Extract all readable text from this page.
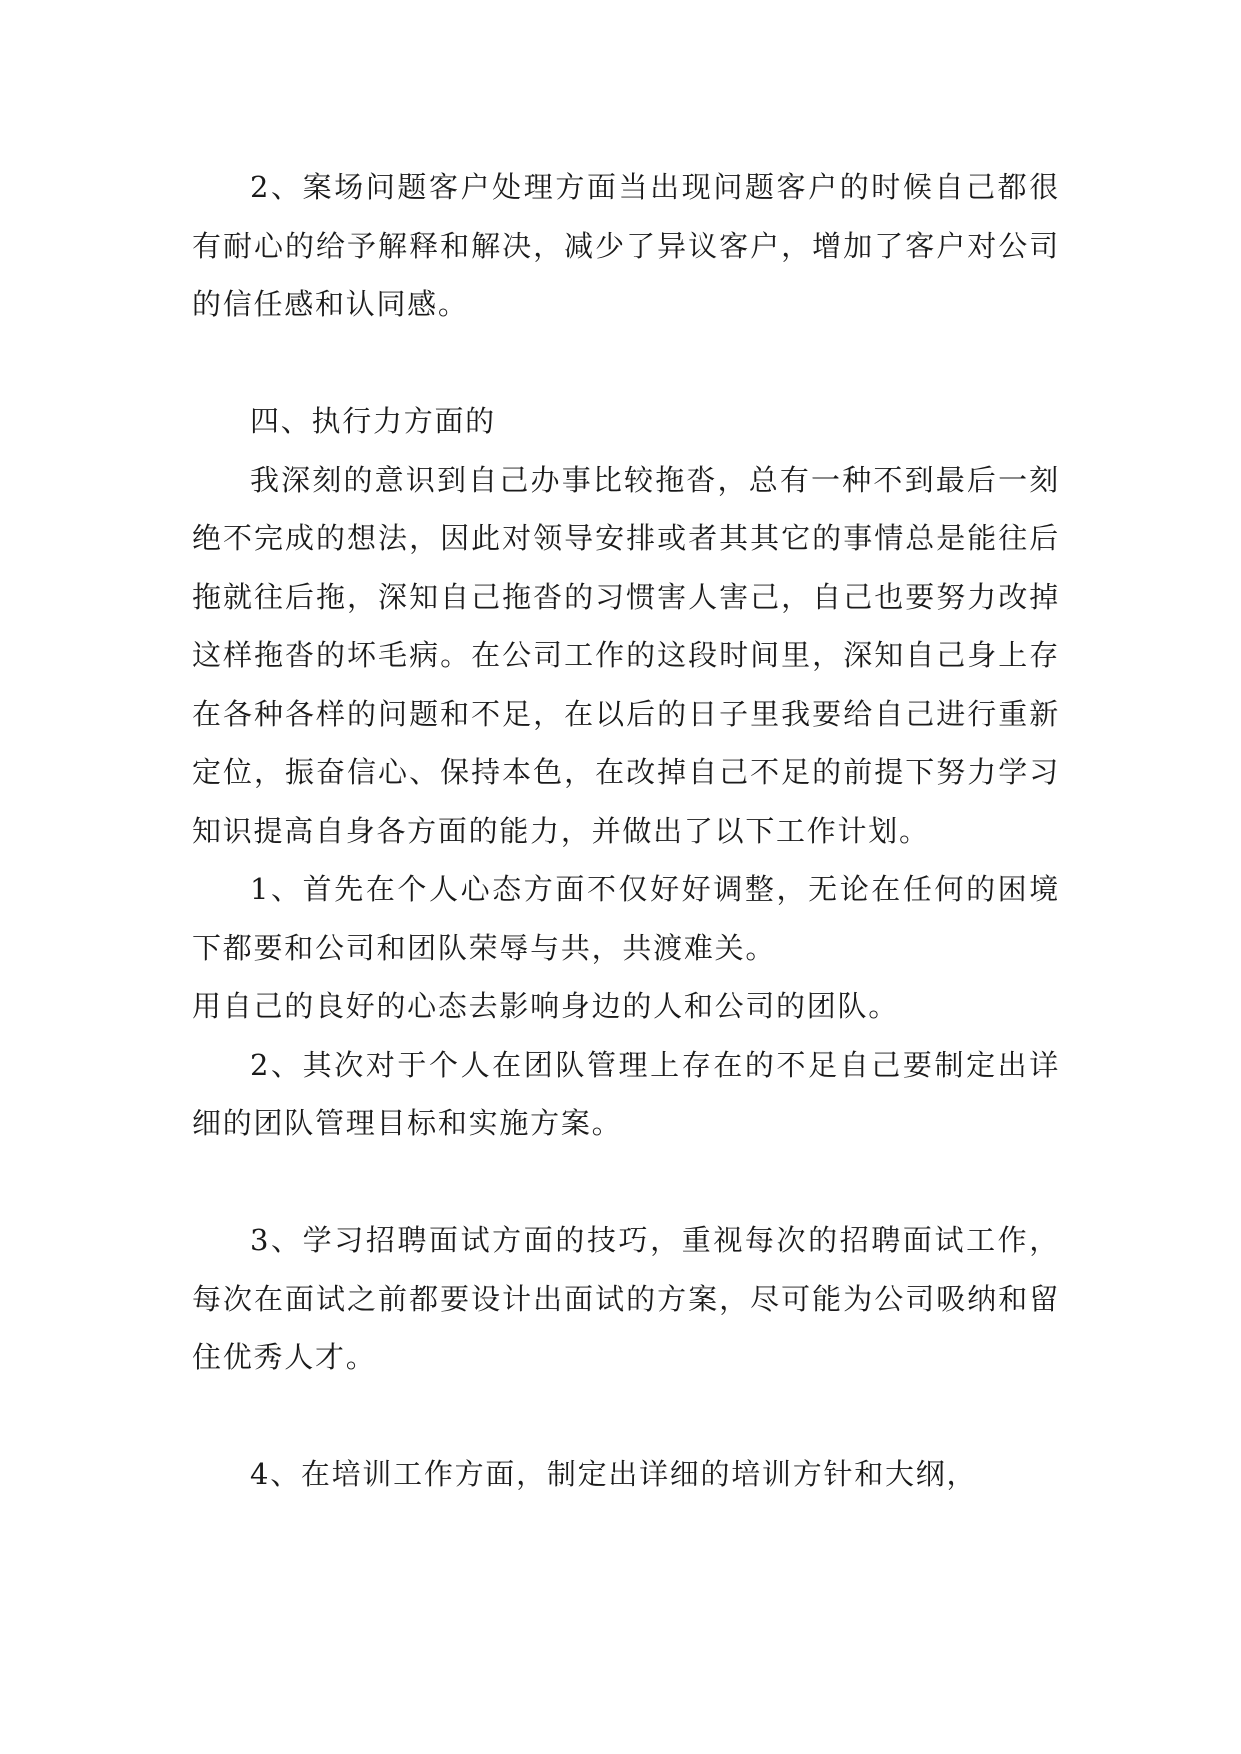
2、案场问题客户处理方面当出现问题客户的时候自己都很有耐心的给予解释和解决，减少了异议客户，增加了客户对公司的信任感和认同感。

四、执行力方面的

我深刻的意识到自己办事比较拖沓，总有一种不到最后一刻绝不完成的想法，因此对领导安排或者其其它的事情总是能往后拖就往后拖，深知自己拖沓的习惯害人害己，自己也要努力改掉这样拖沓的坏毛病。在公司工作的这段时间里，深知自己身上存在各种各样的问题和不足，在以后的日子里我要给自己进行重新定位，振奋信心、保持本色，在改掉自己不足的前提下努力学习知识提高自身各方面的能力，并做出了以下工作计划。

1、首先在个人心态方面不仅好好调整，无论在任何的困境下都要和公司和团队荣辱与共，共渡难关。

用自己的良好的心态去影响身边的人和公司的团队。

2、其次对于个人在团队管理上存在的不足自己要制定出详细的团队管理目标和实施方案。

3、学习招聘面试方面的技巧，重视每次的招聘面试工作，每次在面试之前都要设计出面试的方案，尽可能为公司吸纳和留住优秀人才。

4、在培训工作方面，制定出详细的培训方针和大纲，
